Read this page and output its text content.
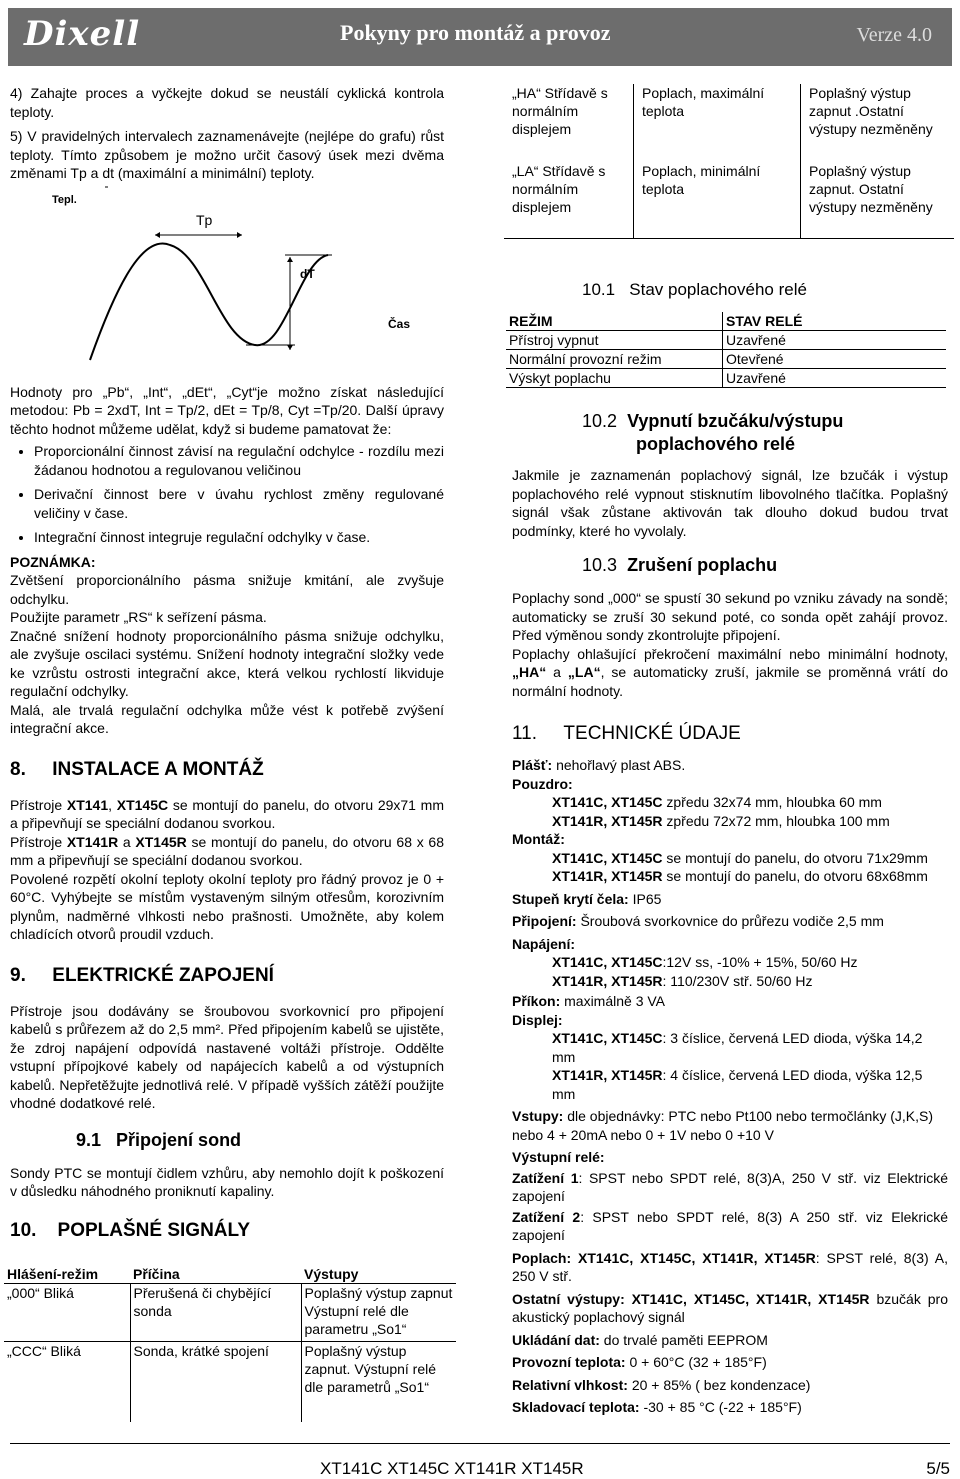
Dixell	Pokyny pro montáž a provoz	Verze 4.0

4) Zahajte proces a vyčkejte dokud se neustálí cyklická kontrola teploty.

5) V pravidelných intervalech zaznamenávejte (nejlépe do grafu) růst teploty. Tímto způsobem je možno určit časový úsek mezi dvěma změnami Tp a dt (maximální a minimální) teploty.

Tepl.
Tp
dT
Čas

Hodnoty pro „Pb“, „Int“, „dEt“, „Cyt“je možno získat následující metodou: Pb = 2xdT, Int = Tp/2, dEt = Tp/8, Cyt =Tp/20. Další úpravy těchto hodnot můžeme udělat, když si budeme pamatovat že:

• Proporcionální činnost závisí na regulační odchylce - rozdílu mezi žádanou hodnotou a regulovanou veličinou
• Derivační činnost bere v úvahu rychlost změny regulované veličiny v čase.
• Integrační činnost integruje regulační odchylky v čase.

POZNÁMKA:

Zvětšení proporcionálního pásma snižuje kmitání, ale zvyšuje odchylku.

Použijte parametr „RS“ k seřízení pásma.

Značné snížení hodnoty proporcionálního pásma snižuje odchylku, ale zvyšuje oscilaci systému. Snížení hodnoty integrační složky vede ke vzrůstu ostrosti integrační akce, která velkou rychlostí likviduje regulační odchylky.

Malá, ale trvalá regulační odchylka může vést k potřebě zvýšení integrační akce.

8. INSTALACE A MONTÁŽ

Přístroje XT141, XT145C se montují do panelu, do otvoru 29x71 mm a připevňují se speciální dodanou svorkou.

Přístroje XT141R a XT145R se montují do panelu, do otvoru 68 x 68 mm a připevňují se speciální dodanou svorkou.

Povolené rozpětí okolní teploty okolní teploty pro řádný provoz je 0 + 60°C. Vyhýbejte se místům vystaveným silným otřesům, korozivním plynům, nadměrné vlhkosti nebo prašnosti. Umožněte, aby kolem chladících otvorů proudil vzduch.

9. ELEKTRICKÉ ZAPOJENÍ

Přístroje jsou dodávány se šroubovou svorkovnicí pro připojení kabelů s průřezem až do 2,5 mm². Před připojením kabelů se ujistěte, že zdroj napájení odpovídá nastavené voltáži přístroje. Oddělte vstupní přípojkové kabely od napájecích kabelů a od výstupních kabelů. Nepřetěžujte jednotlivá relé. V případě vyšších zátěží použijte vhodné dodatkové relé.

9.1 Připojení sond

Sondy PTC se montují čidlem vzhůru, aby nemohlo dojít k poškození v důsledku náhodného proniknutí kapaliny.

10. POPLAŠNÉ SIGNÁLY
Hlášení-režim	Příčina	Výstupy
„000“ Bliká	Přerušená či chybějící sonda	Poplašný výstup zapnut Výstupní relé dle parametru „So1“
„CCC“ Bliká	Sonda, krátké spojení	Poplašný výstup zapnut. Výstupní relé dle parametrů „So1“
„HA“ Střídavě s normálním displejem	Poplach, maximální teplota	Poplašný výstup zapnut .Ostatní výstupy nezměněny
„LA“ Střídavě s normálním displejem	Poplach, minimální teplota	Poplašný výstup zapnut. Ostatní výstupy nezměněny
10.1 Stav poplachového relé
REŽIM	STAV RELÉ
Přístroj vypnut	Uzavřené
Normální provozní režim	Otevřené
Výskyt poplachu	Uzavřené
10.2 Vypnutí bzučáku/výstupu
poplachového relé

Jakmile je zaznamenán poplachový signál, lze bzučák i výstup poplachového relé vypnout stisknutím libovolného tlačítka. Poplašný signál však zůstane aktivován tak dlouho dokud budou trvat podmínky, které ho vyvolaly.

10.3 Zrušení poplachu

Poplachy sond „000“ se spustí 30 sekund po vzniku závady na sondě; automaticky se zruší 30 sekund poté, co sonda opět zahájí provoz. Před výměnou sondy zkontrolujte připojení.

Poplachy ohlašující překročení maximální nebo minimální hodnoty, „HA“ a „LA“, se automaticky zruší, jakmile se proměnná vrátí do normální hodnoty.

11. TECHNICKÉ ÚDAJE

Plášť: nehořlavý plast ABS.

Pouzdro:

XT141C, XT145C zpředu 32x74 mm, hloubka 60 mm

XT141R, XT145R zpředu 72x72 mm, hloubka 100 mm

Montáž:

XT141C, XT145C se montují do panelu, do otvoru 71x29mm

XT141R, XT145R se montují do panelu, do otvoru 68x68mm

Stupeň krytí čela: IP65

Připojení: Šroubová svorkovnice do průřezu vodiče 2,5 mm

Napájení:

XT141C, XT145C:12V ss, -10% + 15%, 50/60 Hz

XT141R, XT145R: 110/230V stř. 50/60 Hz

Příkon: maximálně 3 VA

Displej:

XT141C, XT145C: 3 číslice, červená LED dioda, výška 14,2 mm

XT141R, XT145R: 4 číslice, červená LED dioda, výška 12,5 mm

Vstupy: dle objednávky: PTC nebo Pt100 nebo termočlánky (J,K,S) nebo 4 + 20mA nebo 0 + 1V nebo 0 +10 V

Výstupní relé:

Zatížení 1: SPST nebo SPDT relé, 8(3)A, 250 V stř. viz Elektrické zapojení

Zatížení 2: SPST nebo SPDT relé, 8(3) A 250 stř. viz Elekrické zapojení

Poplach: XT141C, XT145C, XT141R, XT145R: SPST relé, 8(3) A, 250 V stř.

Ostatní výstupy: XT141C, XT145C, XT141R, XT145R bzučák pro akustický poplachový signál

Ukládání dat: do trvalé paměti EEPROM

Provozní teplota: 0 + 60°C (32 + 185°F)

Relativní vlhkost: 20 + 85% ( bez kondenzace)

Skladovací teplota: -30 + 85 °C (-22 + 185°F)

XT141C XT145C XT141R XT145R	5/5
